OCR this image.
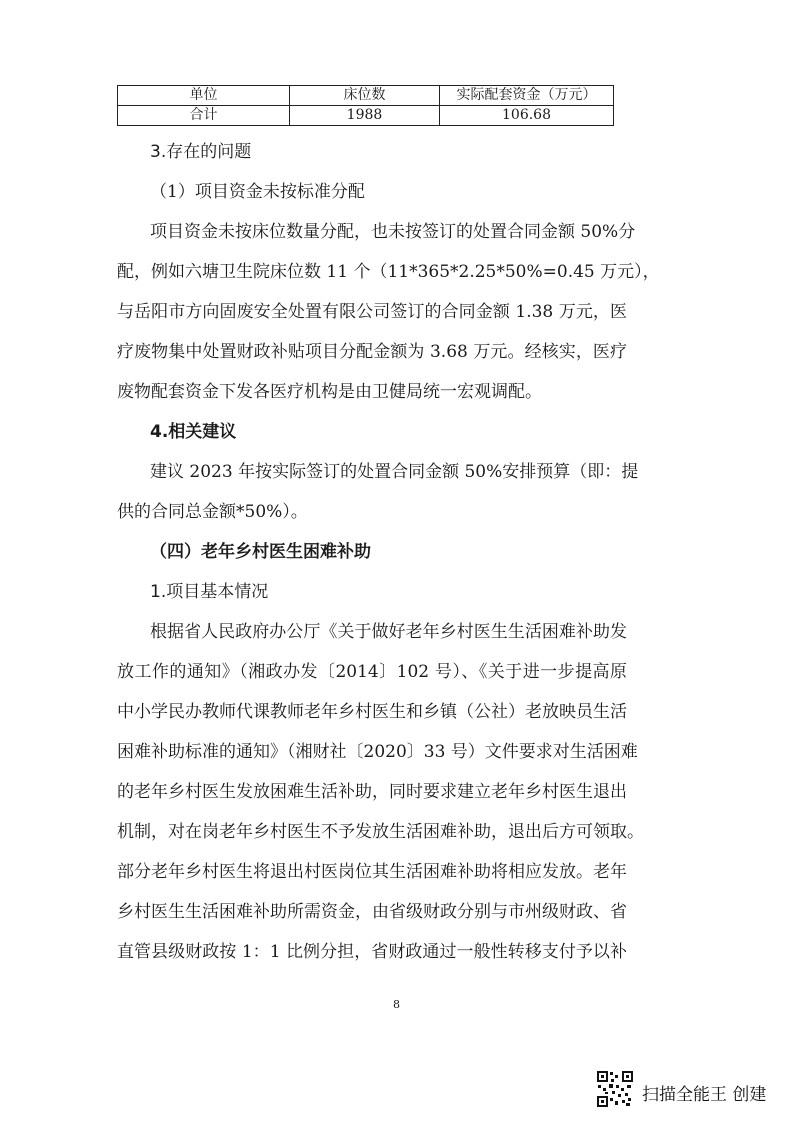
单位	床位数	实际配套资金（万元）
合计	1988	106.68
3.存在的问题
（1）项目资金未按标准分配
项目资金未按床位数量分配，也未按签订的处置合同金额 50%分
配，例如六塘卫生院床位数 11 个（11*365*2.25*50%=0.45 万元），
与岳阳市方向固废安全处置有限公司签订的合同金额 1.38 万元，医
疗废物集中处置财政补贴项目分配金额为 3.68 万元。经核实，医疗
废物配套资金下发各医疗机构是由卫健局统一宏观调配。
4.相关建议
建议 2023 年按实际签订的处置合同金额 50%安排预算（即：提
供的合同总金额*50%）。
（四）老年乡村医生困难补助
1.项目基本情况
根据省人民政府办公厅《关于做好老年乡村医生生活困难补助发
放工作的通知》（湘政办发〔2014〕102 号）、《关于进一步提高原
中小学民办教师代课教师老年乡村医生和乡镇（公社）老放映员生活
困难补助标准的通知》（湘财社〔2020〕33 号）文件要求对生活困难
的老年乡村医生发放困难生活补助，同时要求建立老年乡村医生退出
机制，对在岗老年乡村医生不予发放生活困难补助，退出后方可领取。
部分老年乡村医生将退出村医岗位其生活困难补助将相应发放。老年
乡村医生生活困难补助所需资金，由省级财政分别与市州级财政、省
直管县级财政按 1：1 比例分担，省财政通过一般性转移支付予以补
8
扫描全能王 创建
